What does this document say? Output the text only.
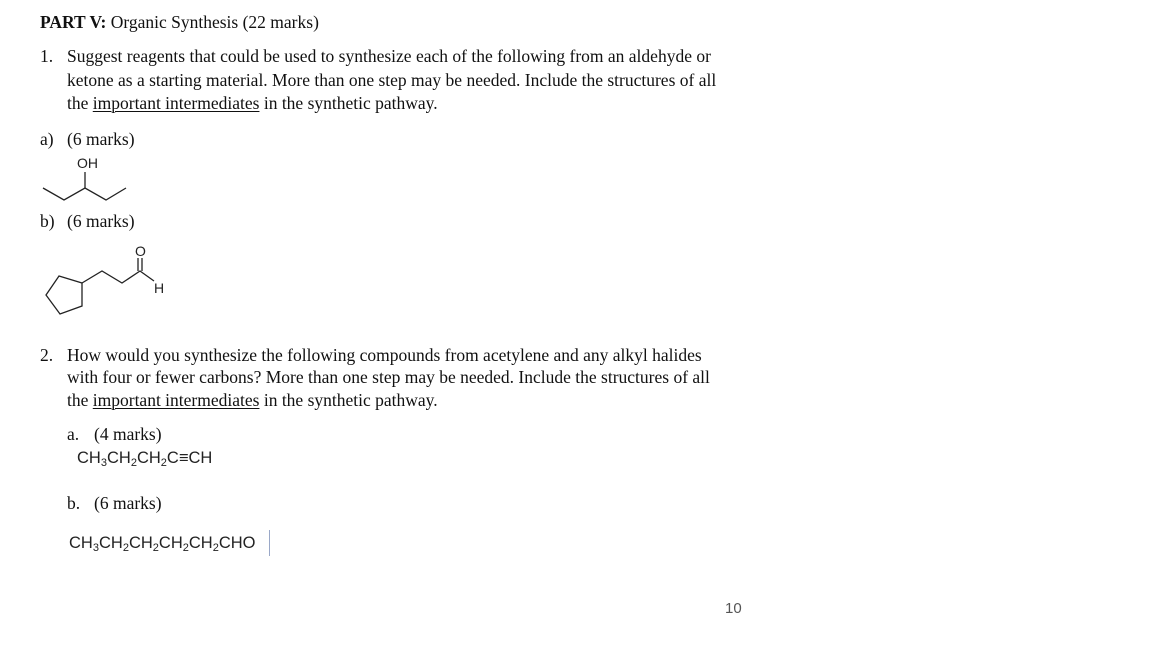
PART V: Organic Synthesis (22 marks)
1. Suggest reagents that could be used to synthesize each of the following from an aldehyde or
ketone as a starting material. More than one step may be needed. Include the structures of all
the important intermediates in the synthetic pathway.
a) (6 marks)
OH
b) (6 marks)
O
H
2. How would you synthesize the following compounds from acetylene and any alkyl halides
with four or fewer carbons? More than one step may be needed. Include the structures of all
the important intermediates in the synthetic pathway.
a. (4 marks)
$CH_3CH_2CH_2C\equiv CH$
b. (6 marks)
$CH_3CH_2CH_2CH_2CH_2CHO$
10
